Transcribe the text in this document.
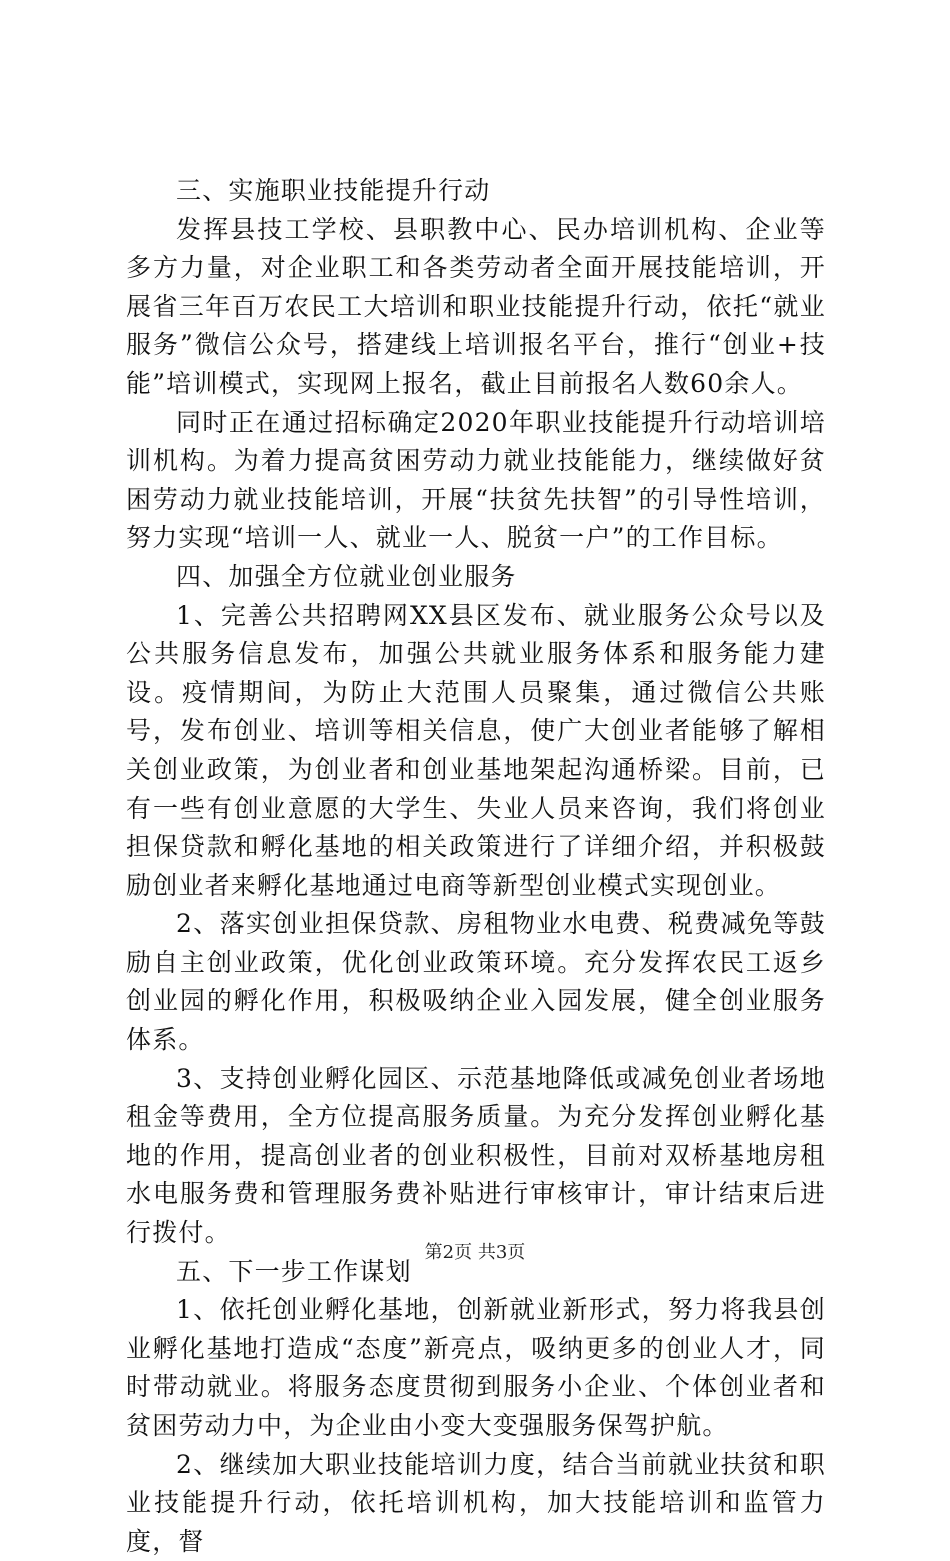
三、实施职业技能提升行动

发挥县技工学校、县职教中心、民办培训机构、企业等多方力量，对企业职工和各类劳动者全面开展技能培训，开展省三年百万农民工大培训和职业技能提升行动，依托“就业服务”微信公众号，搭建线上培训报名平台，推行“创业+技能”培训模式，实现网上报名，截止目前报名人数60余人。

同时正在通过招标确定2020年职业技能提升行动培训培训机构。为着力提高贫困劳动力就业技能能力，继续做好贫困劳动力就业技能培训，开展“扶贫先扶智”的引导性培训，努力实现“培训一人、就业一人、脱贫一户”的工作目标。

四、加强全方位就业创业服务

1、完善公共招聘网XX县区发布、就业服务公众号以及公共服务信息发布，加强公共就业服务体系和服务能力建设。疫情期间，为防止大范围人员聚集，通过微信公共账号，发布创业、培训等相关信息，使广大创业者能够了解相关创业政策，为创业者和创业基地架起沟通桥梁。目前，已有一些有创业意愿的大学生、失业人员来咨询，我们将创业担保贷款和孵化基地的相关政策进行了详细介绍，并积极鼓励创业者来孵化基地通过电商等新型创业模式实现创业。

2、落实创业担保贷款、房租物业水电费、税费减免等鼓励自主创业政策，优化创业政策环境。充分发挥农民工返乡创业园的孵化作用，积极吸纳企业入园发展，健全创业服务体系。

3、支持创业孵化园区、示范基地降低或减免创业者场地租金等费用，全方位提高服务质量。为充分发挥创业孵化基地的作用，提高创业者的创业积极性，目前对双桥基地房租水电服务费和管理服务费补贴进行审核审计，审计结束后进行拨付。

五、下一步工作谋划

1、依托创业孵化基地，创新就业新形式，努力将我县创业孵化基地打造成“态度”新亮点，吸纳更多的创业人才，同时带动就业。将服务态度贯彻到服务小企业、个体创业者和贫困劳动力中，为企业由小变大变强服务保驾护航。

2、继续加大职业技能培训力度，结合当前就业扶贫和职业技能提升行动，依托培训机构，加大技能培训和监管力度，督

第2页 共3页
